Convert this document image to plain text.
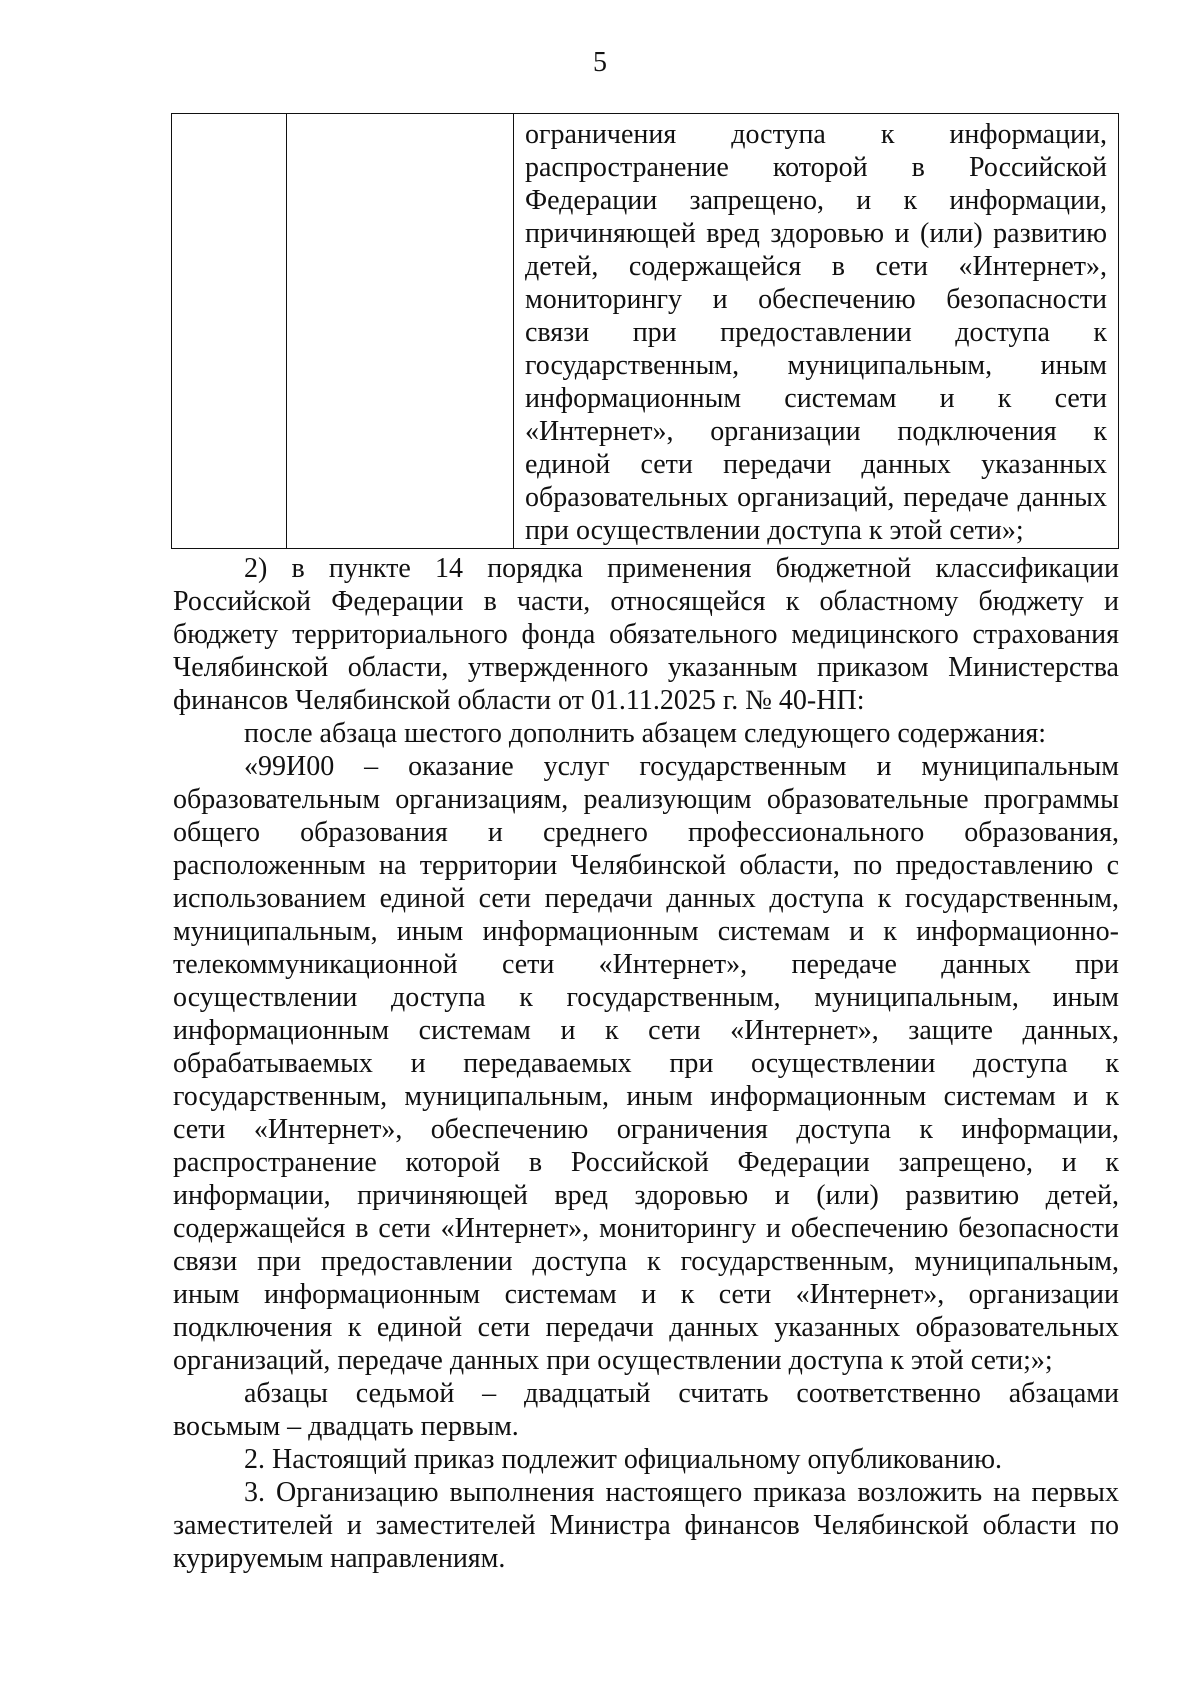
5

ограничения доступа к информации,
распространение которой в Российской
Федерации запрещено, и к информации,
причиняющей вред здоровью и (или) развитию
детей, содержащейся в сети «Интернет»,
мониторингу и обеспечению безопасности
связи при предоставлении доступа к
государственным, муниципальным, иным
информационным системам и к сети
«Интернет», организации подключения к
единой сети передачи данных указанных
образовательных организаций, передаче данных
при осуществлении доступа к этой сети»;
2) в пункте 14 порядка применения бюджетной классификации
Российской Федерации в части, относящейся к областному бюджету и
бюджету территориального фонда обязательного медицинского страхования
Челябинской области, утвержденного указанным приказом Министерства
финансов Челябинской области от 01.11.2025 г. № 40-НП:
после абзаца шестого дополнить абзацем следующего содержания:
«99И00 – оказание услуг государственным и муниципальным
образовательным организациям, реализующим образовательные программы
общего образования и среднего профессионального образования,
расположенным на территории Челябинской области, по предоставлению с
использованием единой сети передачи данных доступа к государственным,
муниципальным, иным информационным системам и к информационно-
телекоммуникационной сети «Интернет», передаче данных при
осуществлении доступа к государственным, муниципальным, иным
информационным системам и к сети «Интернет», защите данных,
обрабатываемых и передаваемых при осуществлении доступа к
государственным, муниципальным, иным информационным системам и к
сети «Интернет», обеспечению ограничения доступа к информации,
распространение которой в Российской Федерации запрещено, и к
информации, причиняющей вред здоровью и (или) развитию детей,
содержащейся в сети «Интернет», мониторингу и обеспечению безопасности
связи при предоставлении доступа к государственным, муниципальным,
иным информационным системам и к сети «Интернет», организации
подключения к единой сети передачи данных указанных образовательных
организаций, передаче данных при осуществлении доступа к этой сети;»;
абзацы седьмой – двадцатый считать соответственно абзацами
восьмым – двадцать первым.
2. Настоящий приказ подлежит официальному опубликованию.
3. Организацию выполнения настоящего приказа возложить на первых
заместителей и заместителей Министра финансов Челябинской области по
курируемым направлениям.
